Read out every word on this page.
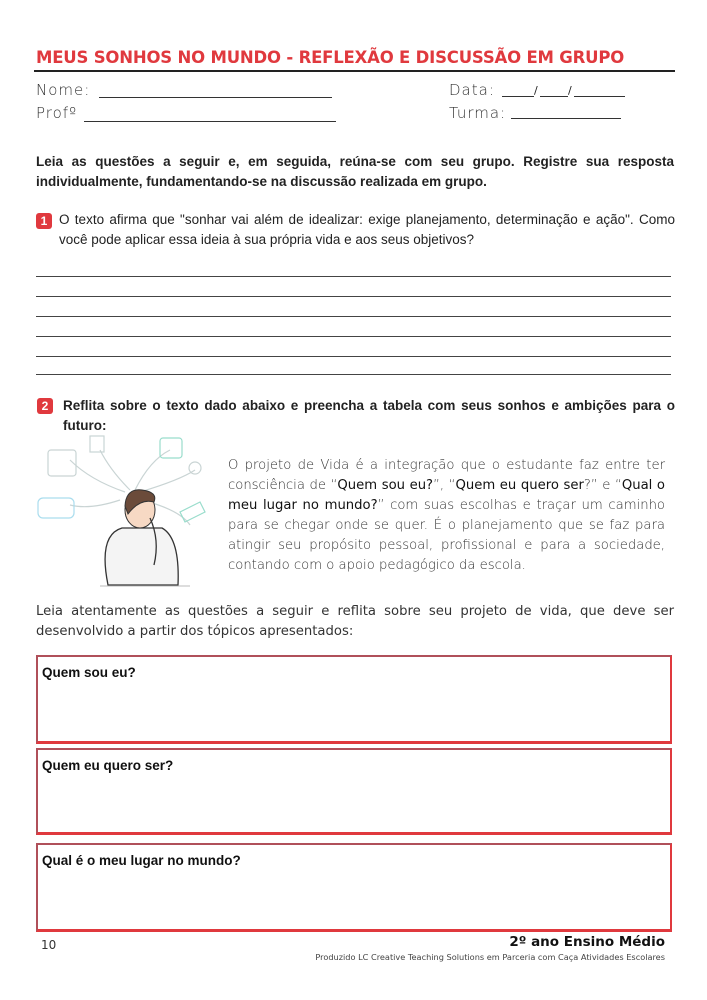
MEUS SONHOS NO MUNDO - REFLEXÃO E DISCUSSÃO EM GRUPO
Nome:
Profº
Data:	/	/
Turma:
Leia as questões a seguir e, em seguida, reúna-se com seu grupo. Registre sua resposta individualmente, fundamentando-se na discussão realizada em grupo.
1 O texto afirma que "sonhar vai além de idealizar: exige planejamento, determinação e ação". Como você pode aplicar essa ideia à sua própria vida e aos seus objetivos?
2	Reflita sobre o texto dado abaixo e preencha a tabela com seus sonhos e ambições para o futuro:
O projeto de Vida é a integração que o estudante faz entre ter consciência de “Quem sou eu?”, “Quem eu quero ser?” e “Qual o meu lugar no mundo?” com suas escolhas e traçar um caminho para se chegar onde se quer. É o planejamento que se faz para atingir seu propósito pessoal, profissional e para a sociedade, contando com o apoio pedagógico da escola.
Leia atentamente as questões a seguir e reflita sobre seu projeto de vida, que deve ser desenvolvido a partir dos tópicos apresentados:
Quem sou eu?
Quem eu quero ser?
Qual é o meu lugar no mundo?
10	2º ano Ensino Médio
Produzido LC Creative Teaching Solutions em Parceria com Caça Atividades Escolares
